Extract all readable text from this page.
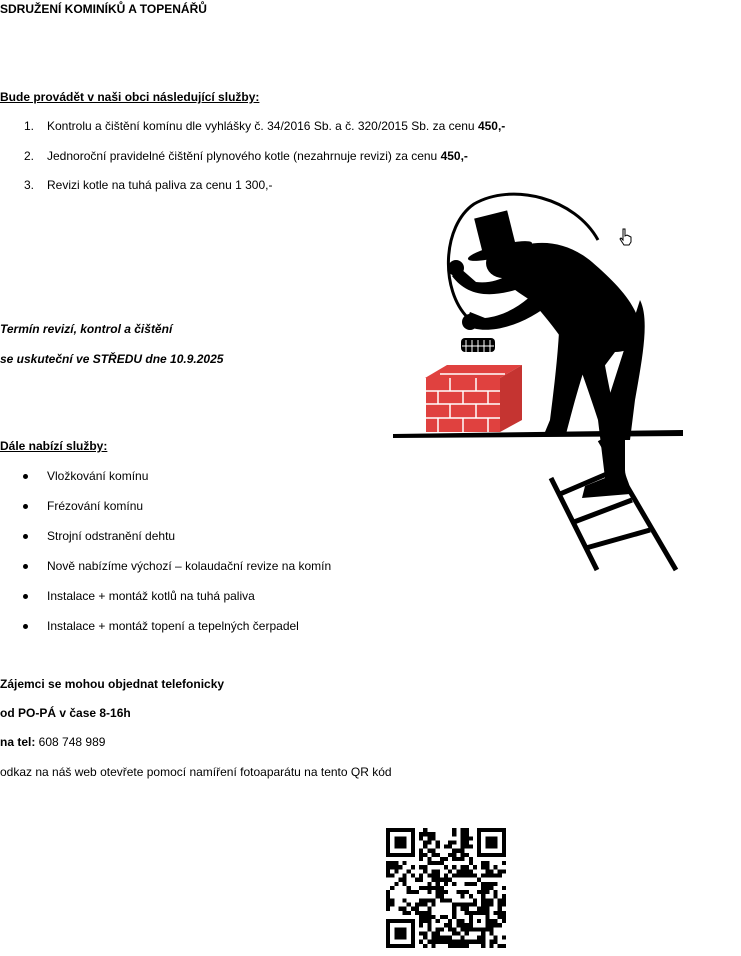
SDRUŽENÍ KOMINÍKŮ A TOPENÁŘŮ
Bude provádět v naši obci následující služby:
1. Kontrolu a čištění komínu dle vyhlášky č. 34/2016 Sb. a č. 320/2015 Sb. za cenu 450,-
2. Jednoroční pravidelné čištění plynového kotle (nezahrnuje revizi) za cenu 450,-
3. Revizi kotle na tuhá paliva za cenu 1 300,-
Termín revizí, kontrol a čištění
se uskuteční ve STŘEDU dne 10.9.2025
Dále nabízí služby:
Vložkování komínu
Frézování komínu
Strojní odstranění dehtu
Nově nabízíme výchozí – kolaudační revize na komín
Instalace + montáž kotlů na tuhá paliva
Instalace + montáž topení a tepelných čerpadel
Zájemci se mohou objednat telefonicky
od PO-PÁ v čase 8-16h
na tel: 608 748 989
odkaz na náš web otevřete pomocí namíření fotoaparátu na tento QR kód
